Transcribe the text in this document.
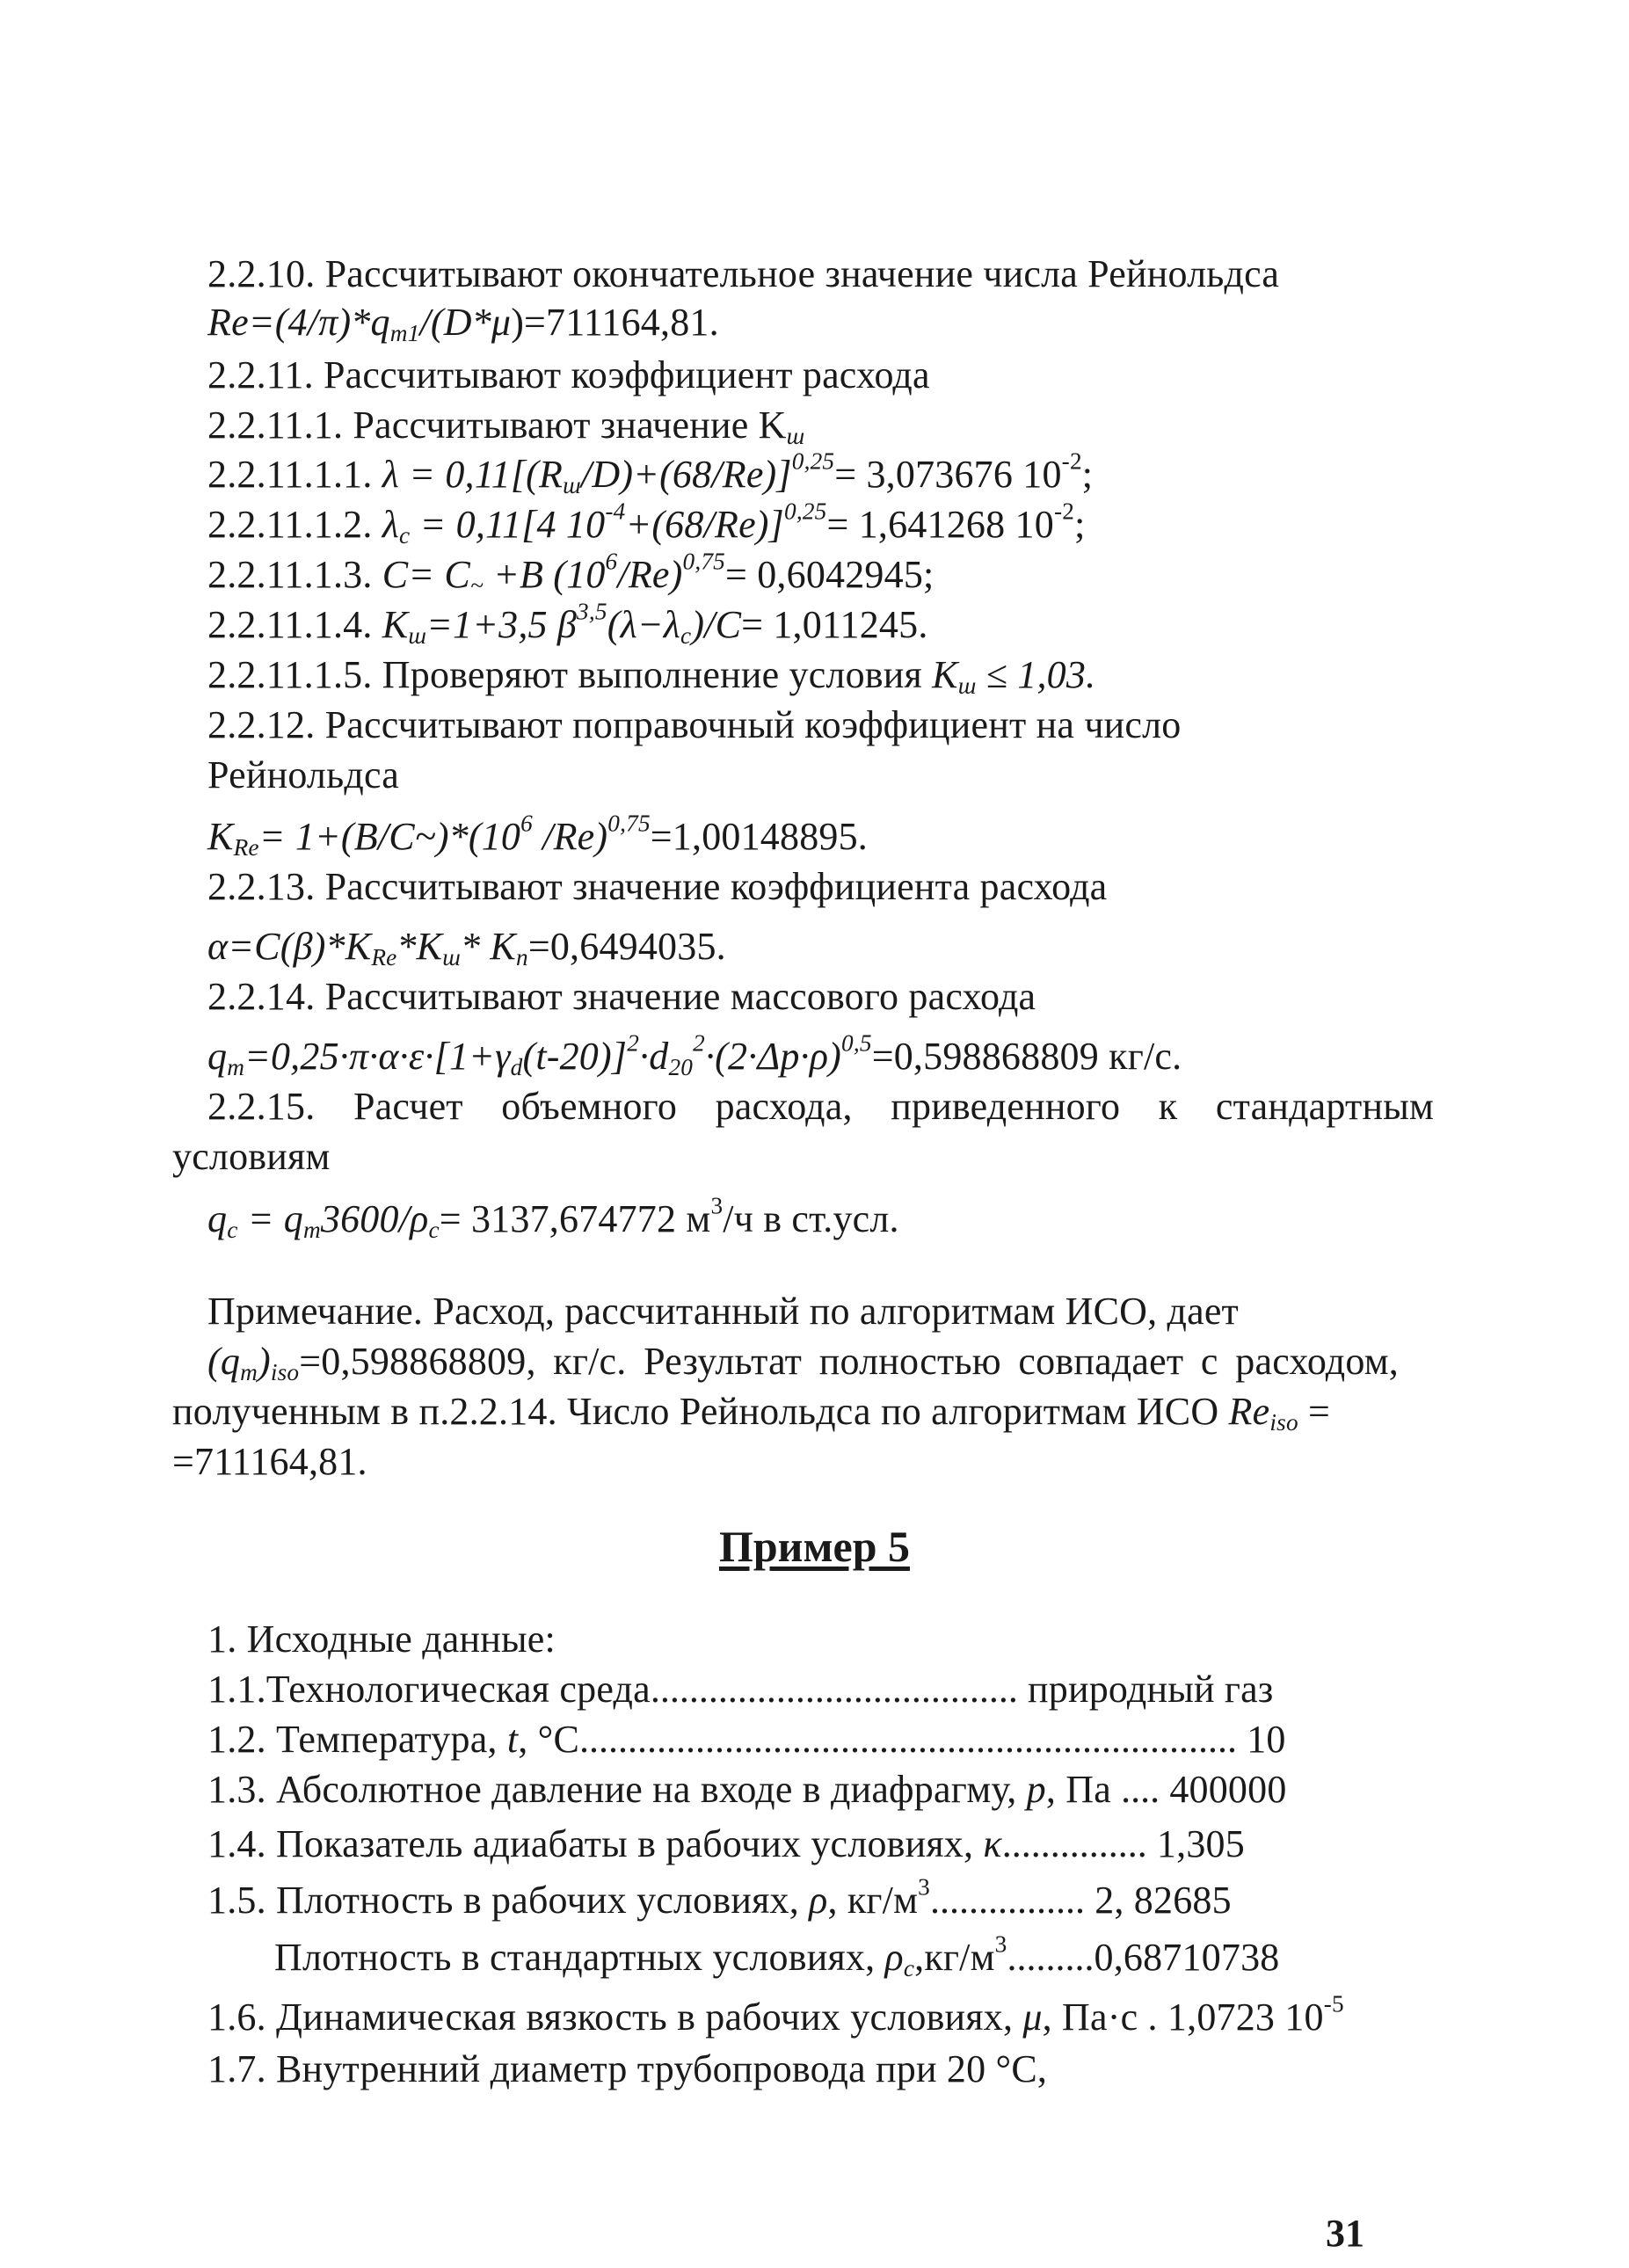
2.2.10. Рассчитывают окончательное значение числа Рейнольдса
$Re=(4/\pi)*q_{m1}/(D*\mu)=711164,81$.
2.2.11. Рассчитывают коэффициент расхода
2.2.11.1. Рассчитывают значение $K_ш$
2.2.11.1.1. $\lambda = 0,11[(R_ш/D)+(68/Re)]^{0,25}= 3,073676$ $10^{-2}$;
2.2.11.1.2. $\lambda_c = 0,11[4$ $10^{-4}+(68/Re)]^{0,25}= 1,641268$ $10^{-2}$;
2.2.11.1.3. $C= C_\sim +B$ $(10^6/Re)^{0,75}= 0,6042945$;
2.2.11.1.4. $K_ш=1+3,5$ $\beta^{3,5}(\lambda-\lambda_c)/C= 1,011245$.
2.2.11.1.5. Проверяют выполнение условия $K_ш \le 1,03$.
2.2.12. Рассчитывают поправочный коэффициент на число
Рейнольдса
$K_{Re}=$ $1+(B/C\sim)*(10^6$ /Re)$^{0,75}$=1,00148895.
2.2.13. Рассчитывают значение коэффициента расхода
$\alpha=C(\beta)*K_{Re}*K_ш*$ $K_n=0,6494035$.
2.2.14. Рассчитывают значение массового расхода
$q_m=0,25\cdot\pi\cdot\alpha\cdot\varepsilon\cdot[1+\gamma_d(t-20)]^2\cdot d_{20}^2\cdot(2\cdot\Delta p\cdot\rho)^{0,5}=0,598868809$ кг/с.
2.2.15. Расчет объемного расхода, приведенного к стандартным
условиям
$q_c = q_m3600/\rho_c= 3137,674772$ $м^3/ч$ в ст.усл.
Примечание. Расход, рассчитанный по алгоритмам ИСО, дает
$(q_m)_{iso}=0,598868809$, кг/с. Результат полностью совпадает с расходом,
полученным в п.2.2.14. Число Рейнольдса по алгоритмам ИСО $Re_{iso}$ =
=711164,81.
Пример 5
1. Исходные данные:
1.1.Технологическая среда...................................... природный газ
1.2. Температура, t, °С.................................................................... 10
1.3. Абсолютное давление на входе в диафрагму, p, Па .... 400000
1.4. Показатель адиабаты в рабочих условиях, κ............... 1,305
1.5. Плотность в рабочих условиях, ρ, $кг/м^3$................ 2, 82685
Плотность в стандартных условиях, $\rho_c,кг/м^3.........0,68710738$
1.6. Динамическая вязкость в рабочих условиях, μ, Па·с . 1,0723 $10^{-5}$
1.7. Внутренний диаметр трубопровода при 20 °С,
31
